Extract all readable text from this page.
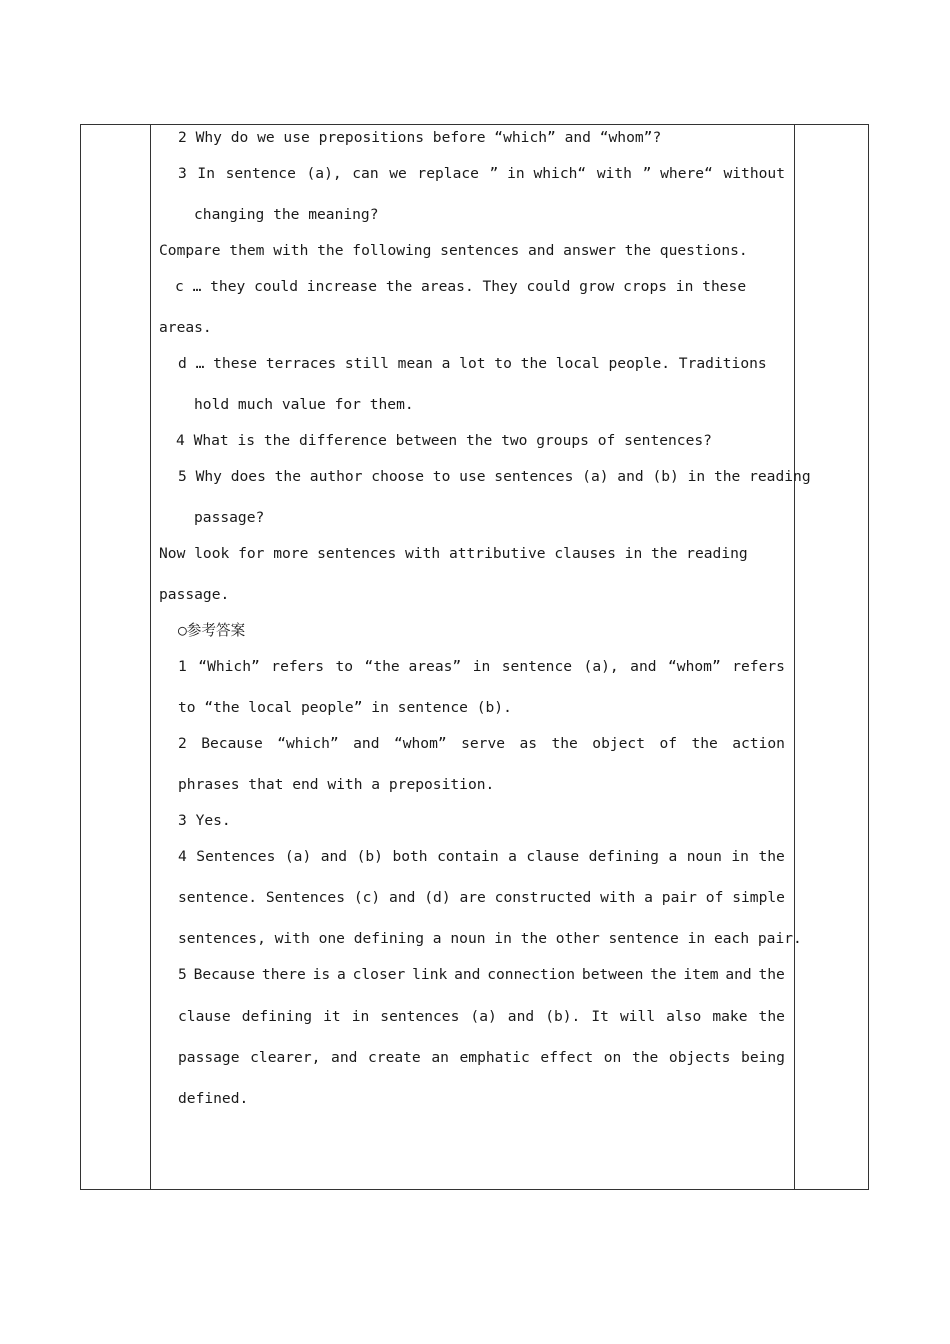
2 Why do we use prepositions before “which” and “whom”?
3 In sentence (a), can we replace ” in which“ with ” where“ without
changing the meaning?
Compare them with the following sentences and answer the questions.
c … they could increase the areas. They could grow crops in these
areas.
d … these terraces still mean a lot to the local people. Traditions
hold much value for them.
4 What is the difference between the two groups of sentences?
5 Why does the author choose to use sentences (a) and (b) in the reading
passage?
Now look for more sentences with attributive clauses in the reading
passage.
○参考答案
1 “Which” refers to “the areas” in sentence (a), and “whom” refers
to “the local people” in sentence (b).
2 Because “which” and “whom” serve as the object of the action
phrases that end with a preposition.
3 Yes.
4 Sentences (a) and (b) both contain a clause defining a noun in the
sentence. Sentences (c) and (d) are constructed with a pair of simple
sentences, with one defining a noun in the other sentence in each pair.
5 Because there is a closer link and connection between the item and the
clause defining it in sentences (a) and (b). It will also make the
passage clearer, and create an emphatic effect on the objects being
defined.
